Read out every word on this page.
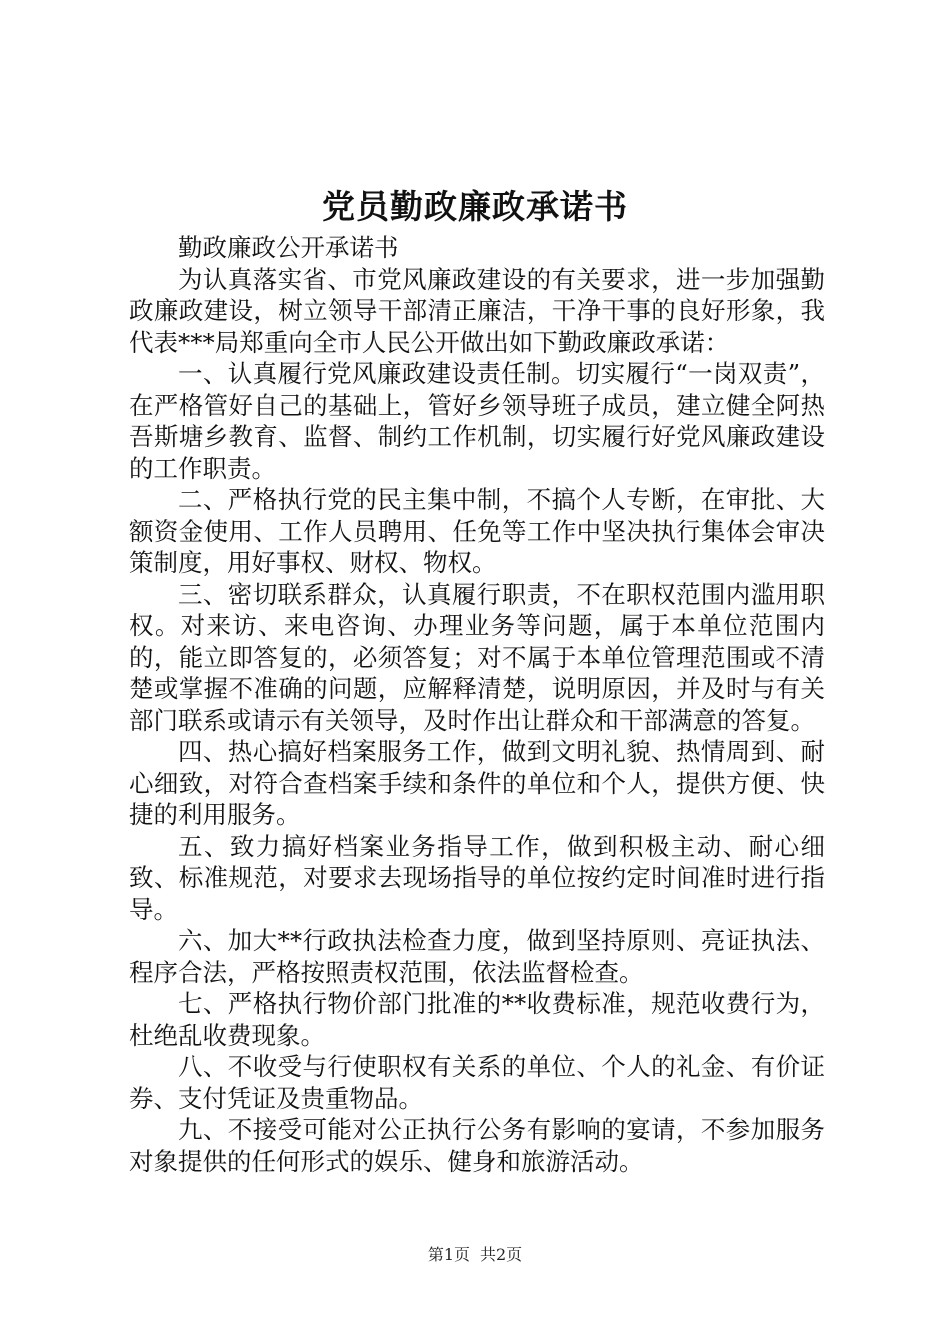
党员勤政廉政承诺书

勤政廉政公开承诺书

为认真落实省、市党风廉政建设的有关要求，进一步加强勤政廉政建设，树立领导干部清正廉洁，干净干事的良好形象，我代表***局郑重向全市人民公开做出如下勤政廉政承诺：

一、认真履行党风廉政建设责任制。切实履行“一岗双责”，在严格管好自己的基础上，管好乡领导班子成员，建立健全阿热吾斯塘乡教育、监督、制约工作机制，切实履行好党风廉政建设的工作职责。

二、严格执行党的民主集中制，不搞个人专断，在审批、大额资金使用、工作人员聘用、任免等工作中坚决执行集体会审决策制度，用好事权、财权、物权。

三、密切联系群众，认真履行职责，不在职权范围内滥用职权。对来访、来电咨询、办理业务等问题，属于本单位范围内的，能立即答复的，必须答复；对不属于本单位管理范围或不清楚或掌握不准确的问题，应解释清楚，说明原因，并及时与有关部门联系或请示有关领导，及时作出让群众和干部满意的答复。

四、热心搞好档案服务工作，做到文明礼貌、热情周到、耐心细致，对符合查档案手续和条件的单位和个人，提供方便、快捷的利用服务。

五、致力搞好档案业务指导工作，做到积极主动、耐心细致、标准规范，对要求去现场指导的单位按约定时间准时进行指导。

六、加大**行政执法检查力度，做到坚持原则、亮证执法、程序合法，严格按照责权范围，依法监督检查。

七、严格执行物价部门批准的**收费标准，规范收费行为，杜绝乱收费现象。

八、不收受与行使职权有关系的单位、个人的礼金、有价证券、支付凭证及贵重物品。

九、不接受可能对公正执行公务有影响的宴请，不参加服务对象提供的任何形式的娱乐、健身和旅游活动。

第1页 共2页
